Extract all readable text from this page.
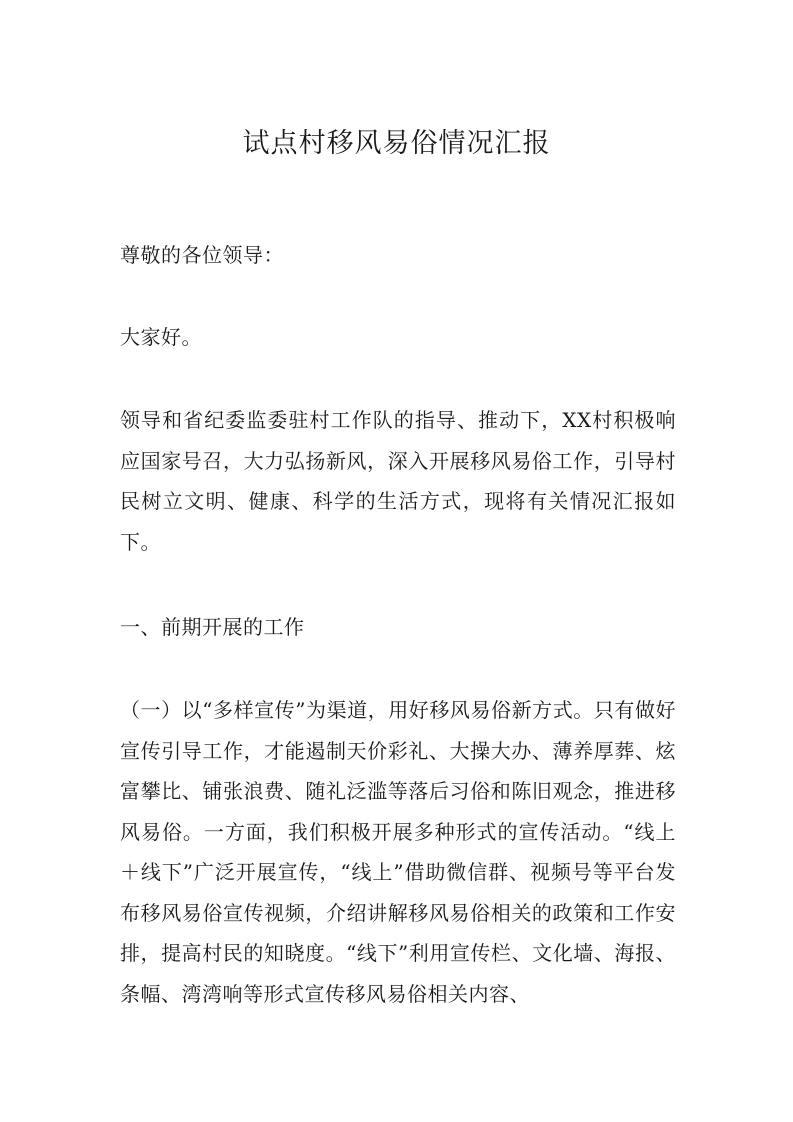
试点村移风易俗情况汇报

尊敬的各位领导：

大家好。

领导和省纪委监委驻村工作队的指导、推动下，XX村积极响应国家号召，大力弘扬新风，深入开展移风易俗工作，引导村民树立文明、健康、科学的生活方式，现将有关情况汇报如下。

一、前期开展的工作

（一）以“多样宣传”为渠道，用好移风易俗新方式。只有做好宣传引导工作，才能遏制天价彩礼、大操大办、薄养厚葬、炫富攀比、铺张浪费、随礼泛滥等落后习俗和陈旧观念，推进移风易俗。一方面，我们积极开展多种形式的宣传活动。“线上＋线下”广泛开展宣传，“线上”借助微信群、视频号等平台发布移风易俗宣传视频，介绍讲解移风易俗相关的政策和工作安排，提高村民的知晓度。“线下”利用宣传栏、文化墙、海报、条幅、湾湾响等形式宣传移风易俗相关内容、
